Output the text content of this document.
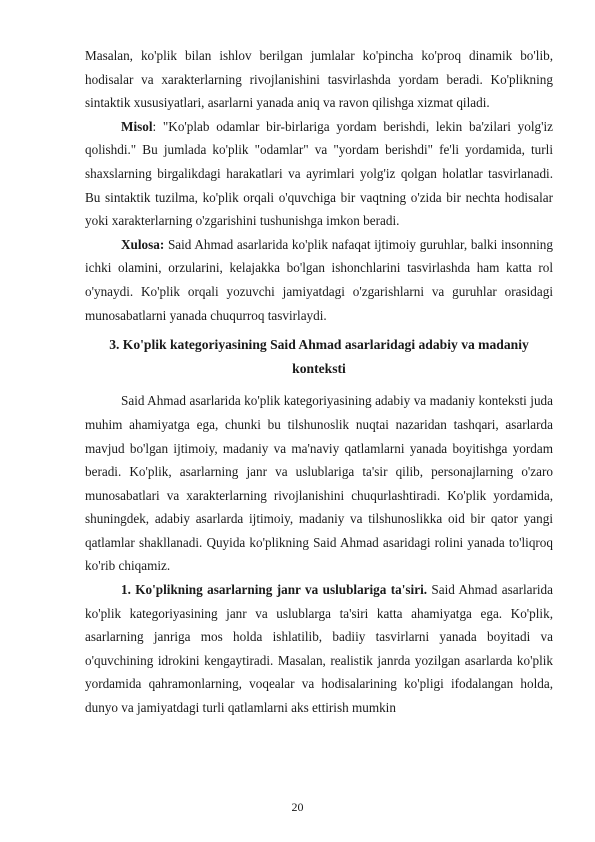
Masalan, ko'plik bilan ishlov berilgan jumlalar ko'pincha ko'proq dinamik bo'lib, hodisalar va xarakterlarning rivojlanishini tasvirlashda yordam beradi. Ko'plikning sintaktik xususiyatlari, asarlarni yanada aniq va ravon qilishga xizmat qiladi.

Misol: "Ko'plab odamlar bir-birlariga yordam berishdi, lekin ba'zilari yolg'iz qolishdi." Bu jumlada ko'plik "odamlar" va "yordam berishdi" fe'li yordamida, turli shaxslarning birgalikdagi harakatlari va ayrimlari yolg'iz qolgan holatlar tasvirlanadi. Bu sintaktik tuzilma, ko'plik orqali o'quvchiga bir vaqtning o'zida bir nechta hodisalar yoki xarakterlarning o'zgarishini tushunishga imkon beradi.

Xulosa: Said Ahmad asarlarida ko'plik nafaqat ijtimoiy guruhlar, balki insonning ichki olamini, orzularini, kelajakka bo'lgan ishonchlarini tasvirlashda ham katta rol o'ynaydi. Ko'plik orqali yozuvchi jamiyatdagi o'zgarishlarni va guruhlar orasidagi munosabatlarni yanada chuqurroq tasvirlaydi.

3. Ko'plik kategoriyasining Said Ahmad asarlaridagi adabiy va madaniy konteksti

Said Ahmad asarlarida ko'plik kategoriyasining adabiy va madaniy konteksti juda muhim ahamiyatga ega, chunki bu tilshunoslik nuqtai nazaridan tashqari, asarlarda mavjud bo'lgan ijtimoiy, madaniy va ma'naviy qatlamlarni yanada boyitishga yordam beradi. Ko'plik, asarlarning janr va uslublariga ta'sir qilib, personajlarning o'zaro munosabatlari va xarakterlarning rivojlanishini chuqurlashtiradi. Ko'plik yordamida, shuningdek, adabiy asarlarda ijtimoiy, madaniy va tilshunoslikka oid bir qator yangi qatlamlar shakllanadi. Quyida ko'plikning Said Ahmad asaridagi rolini yanada to'liqroq ko'rib chiqamiz.

1. Ko'plikning asarlarning janr va uslublariga ta'siri. Said Ahmad asarlarida ko'plik kategoriyasining janr va uslublarga ta'siri katta ahamiyatga ega. Ko'plik, asarlarning janriga mos holda ishlatilib, badiiy tasvirlarni yanada boyitadi va o'quvchining idrokini kengaytiradi. Masalan, realistik janrda yozilgan asarlarda ko'plik yordamida qahramonlarning, voqealar va hodisalarining ko'pligi ifodalangan holda, dunyo va jamiyatdagi turli qatlamlarni aks ettirish mumkin

20
